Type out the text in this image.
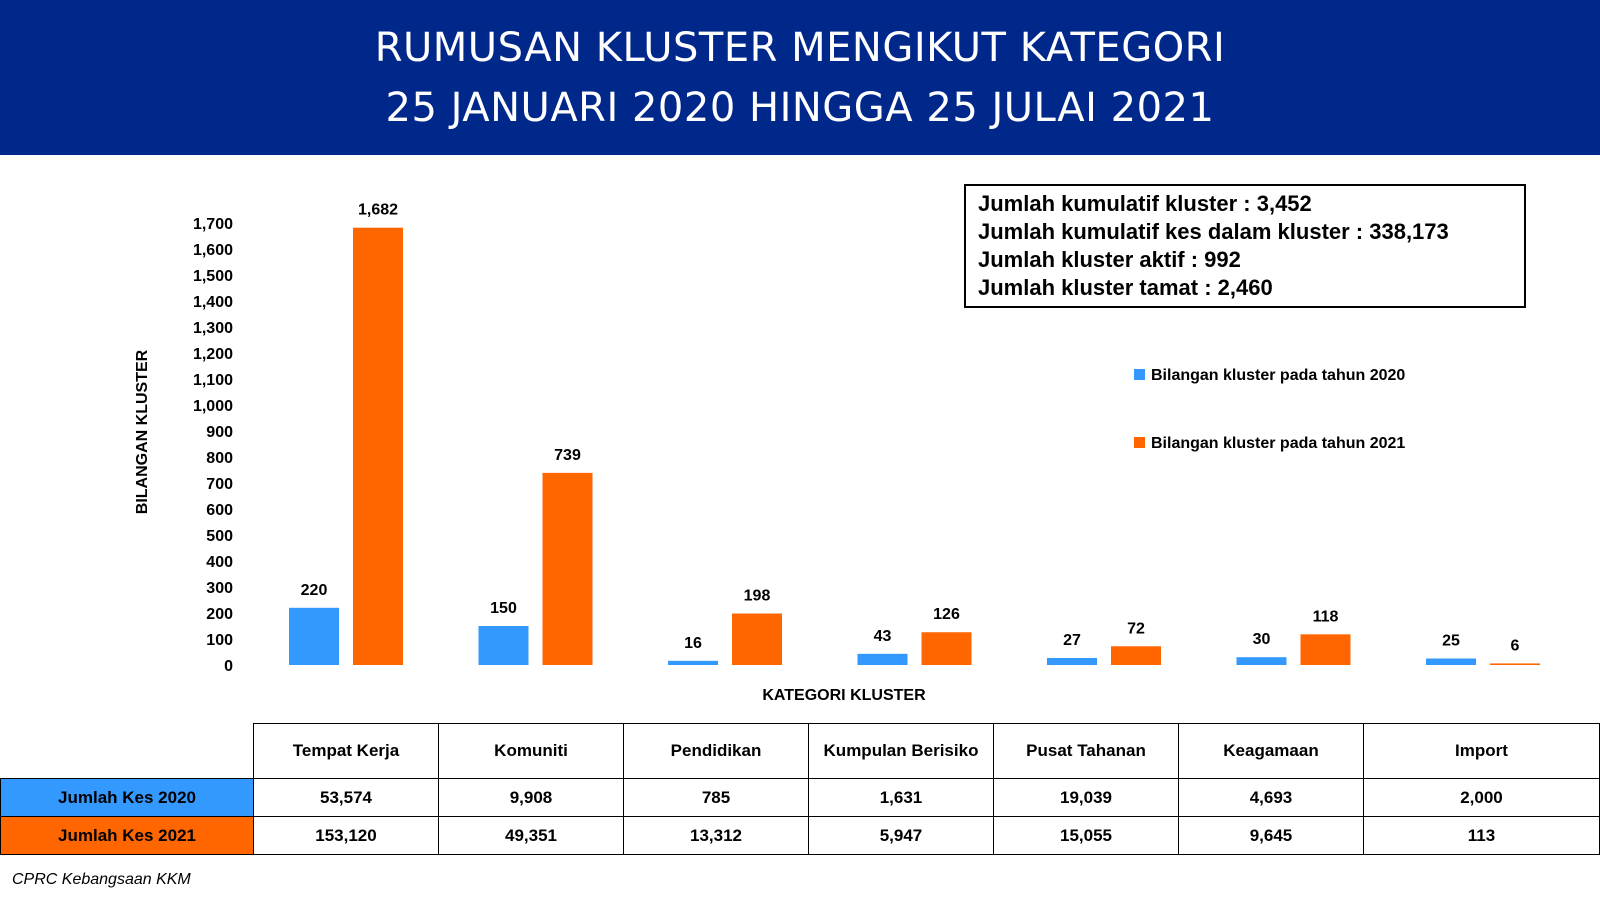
RUMUSAN KLUSTER MENGIKUT KATEGORI
25 JANUARI 2020 HINGGA 25 JULAI 2021
BILANGAN KLUSTER
KATEGORI KLUSTER
0
100
200
300
400
500
600
700
800
900
1,000
1,100
1,200
1,300
1,400
1,500
1,600
1,700
220
1,682
150
739
16
198
43
126
27
72
30
118
25	6
Jumlah kumulatif kluster : 3,452
Jumlah kumulatif kes dalam kluster : 338,173
Jumlah kluster aktif : 992
Jumlah kluster tamat : 2,460
Bilangan kluster pada tahun 2020
Bilangan kluster pada tahun 2021
	Tempat Kerja	Komuniti	Pendidikan	Kumpulan Berisiko	Pusat Tahanan	Keagamaan	Import
Jumlah Kes 2020	53,574	9,908	785	1,631	19,039	4,693	2,000
Jumlah Kes 2021	153,120	49,351	13,312	5,947	15,055	9,645	113
CPRC Kebangsaan KKM
